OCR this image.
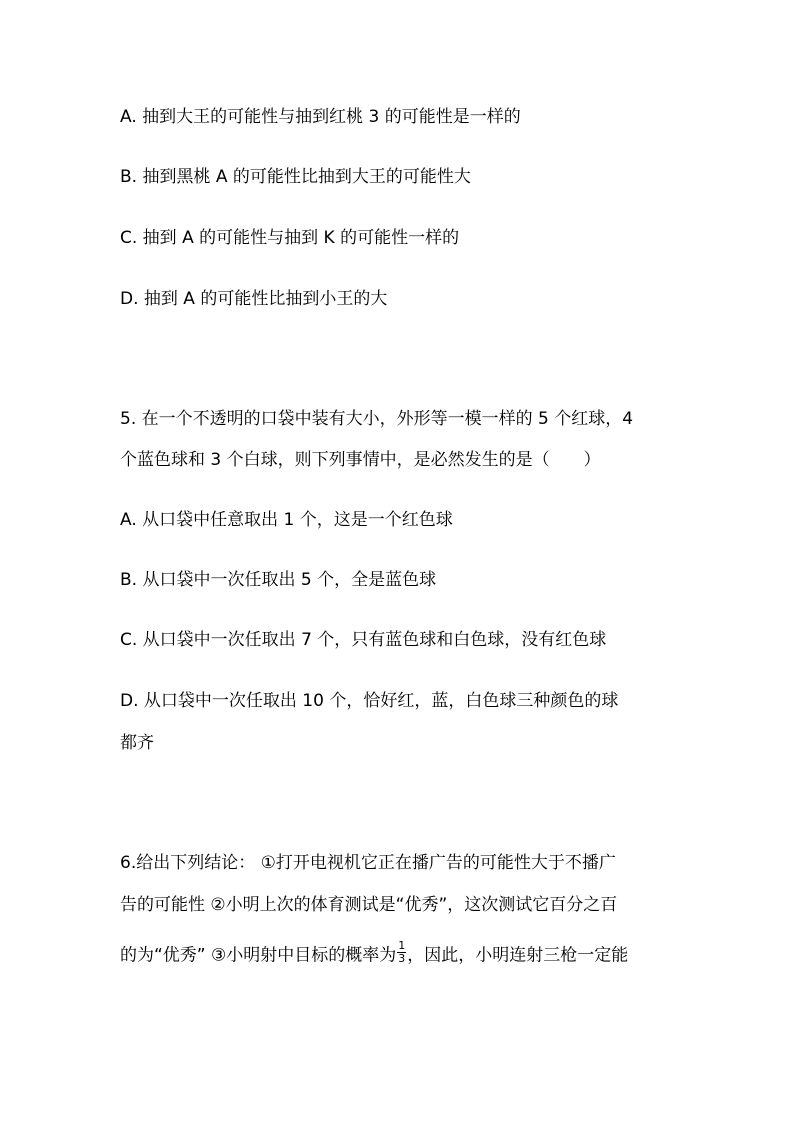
A. 抽到大王的可能性与抽到红桃 3 的可能性是一样的
B. 抽到黑桃 A 的可能性比抽到大王的可能性大
C. 抽到 A 的可能性与抽到 K 的可能性一样的
D. 抽到 A 的可能性比抽到小王的大
5. 在一个不透明的口袋中装有大小，外形等一模一样的 5 个红球，4
个蓝色球和 3 个白球，则下列事情中，是必然发生的是（　　）
A. 从口袋中任意取出 1 个，这是一个红色球
B. 从口袋中一次任取出 5 个，全是蓝色球
C. 从口袋中一次任取出 7 个，只有蓝色球和白色球，没有红色球
D. 从口袋中一次任取出 10 个，恰好红，蓝，白色球三种颜色的球
都齐
6.给出下列结论： ①打开电视机它正在播广告的可能性大于不播广
告的可能性 ②小明上次的体育测试是“优秀”，这次测试它百分之百
的为“优秀” ③小明射中目标的概率为 $\frac{1}{3}$ ，因此，小明连射三枪一定能
